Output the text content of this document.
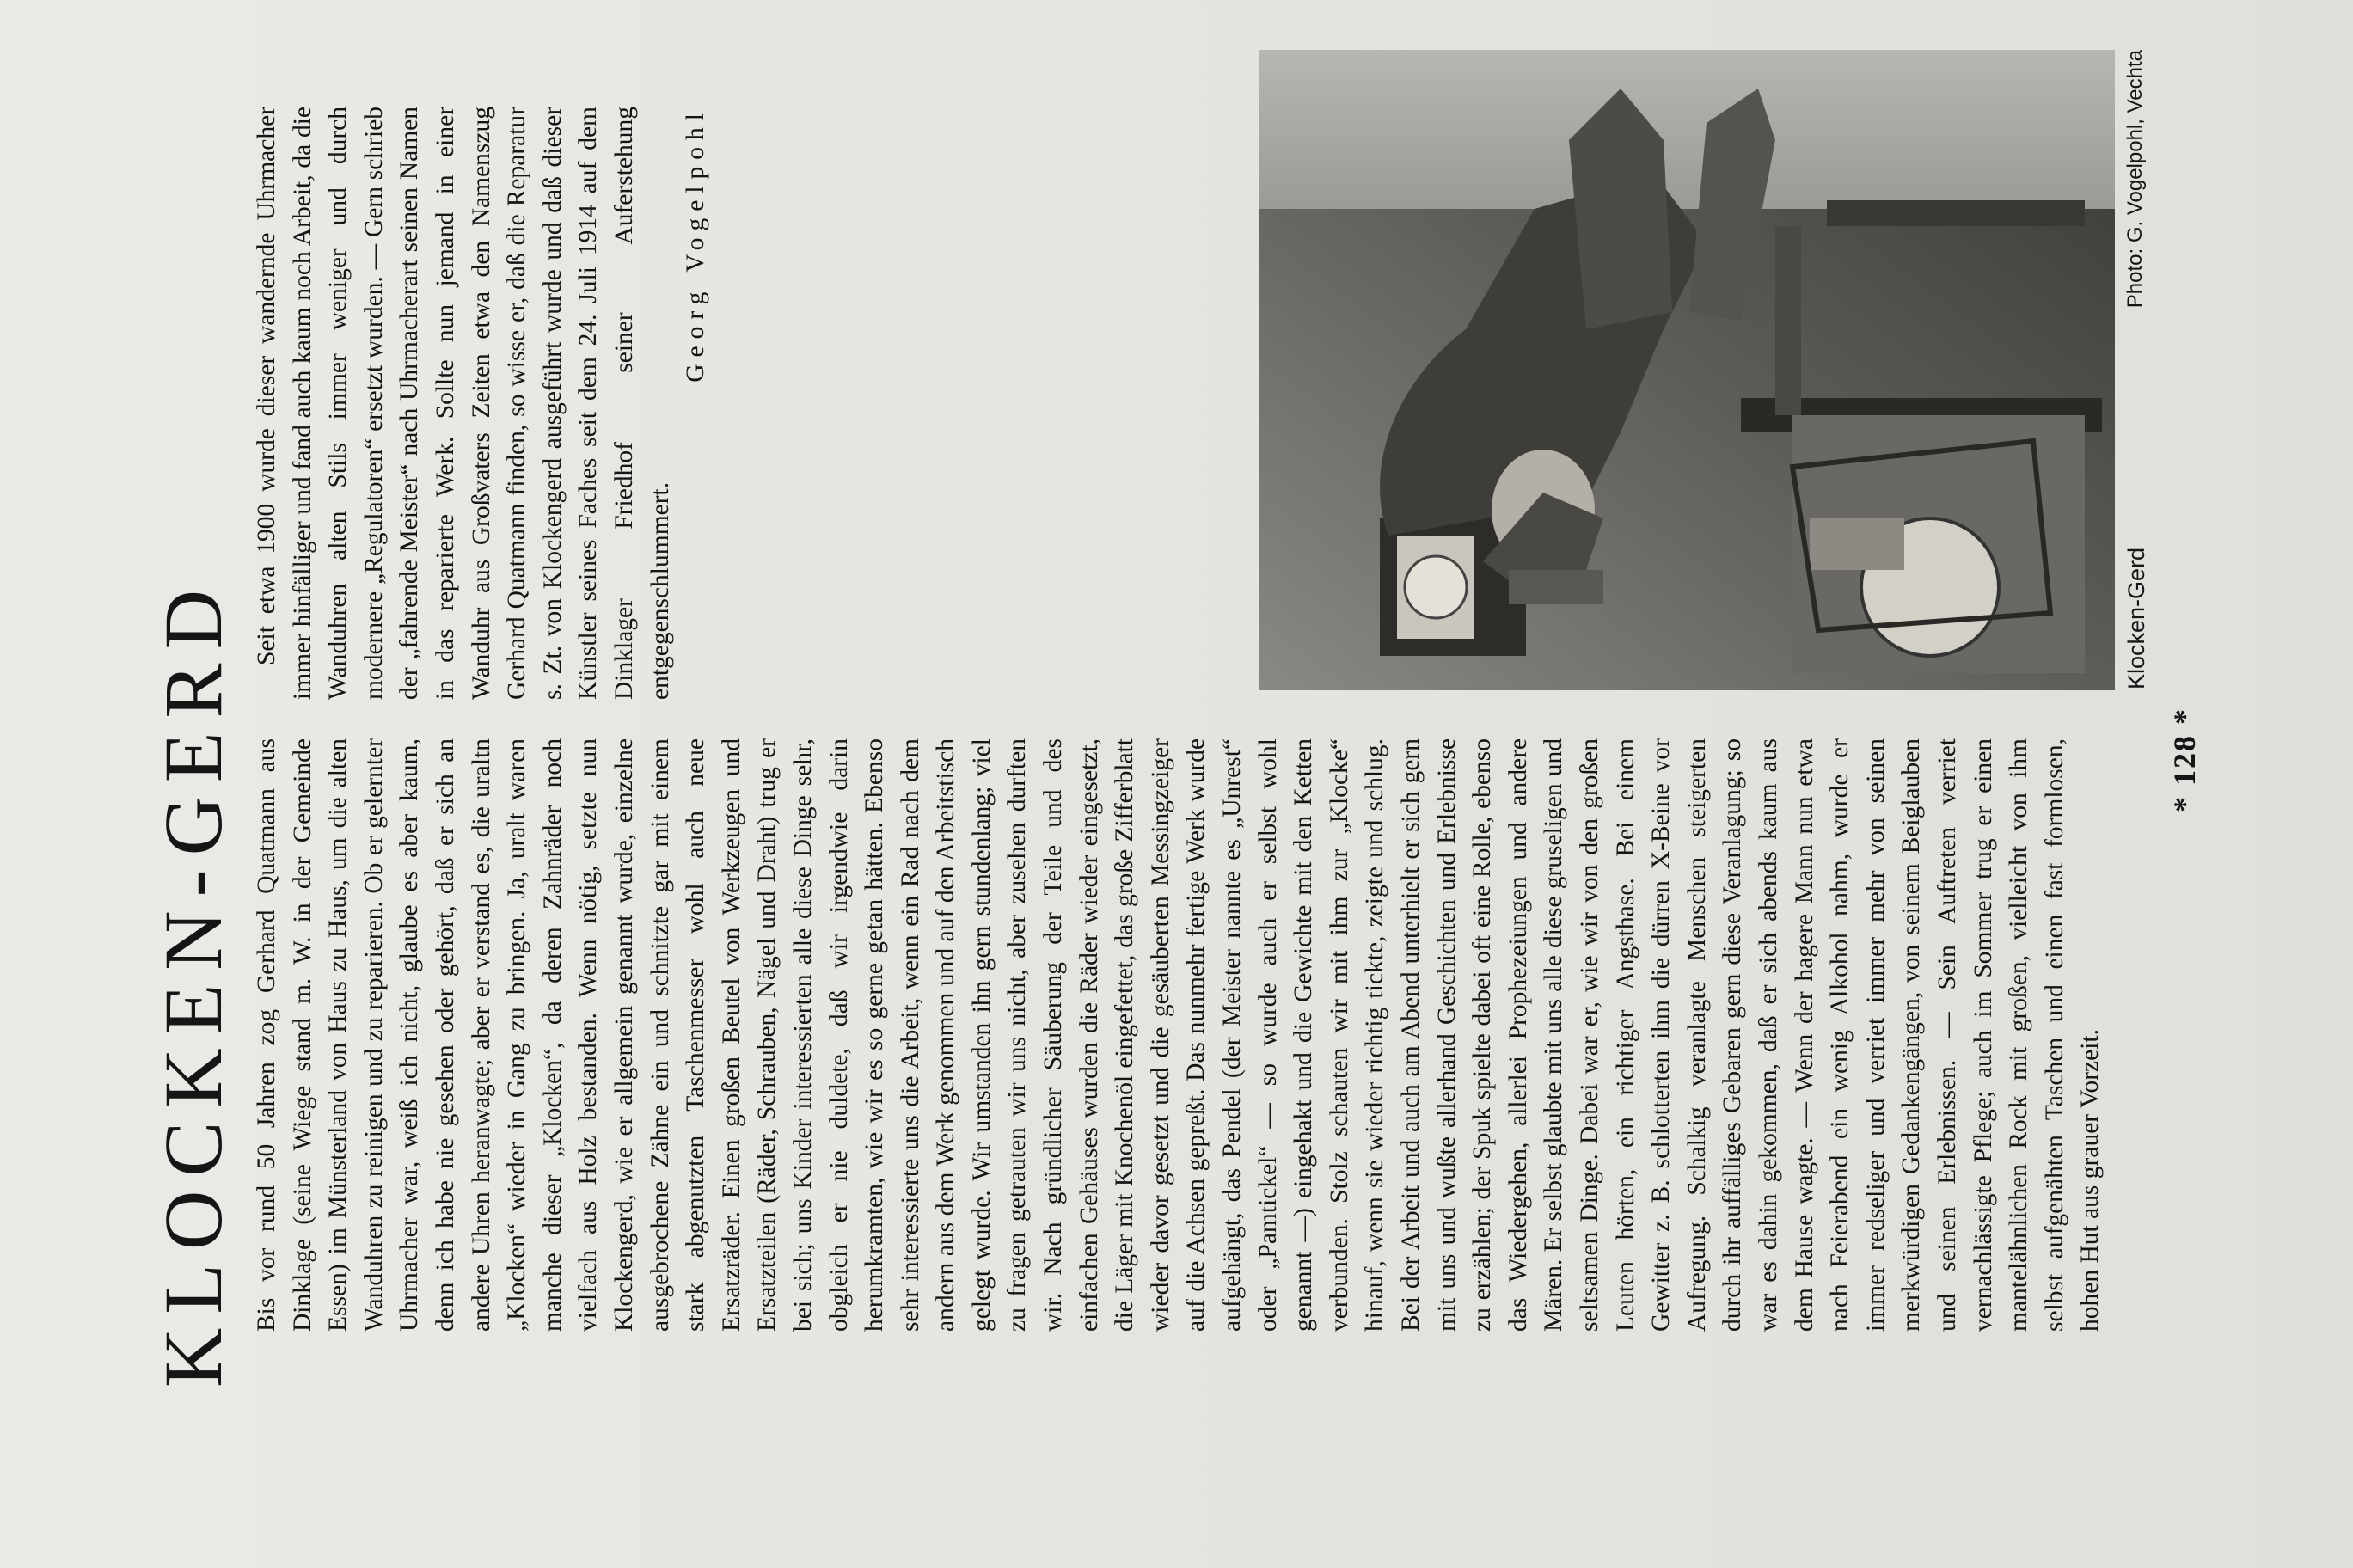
KLOCKEN-GERD Bis vor rund 50 Jahren zog Gerhard Quatmann aus Dinklage (seine Wiege stand m. W. in der Gemeinde Essen) im Münsterland von Haus zu Haus, um die alten Wanduhren zu reinigen und zu reparieren. Ob er gelernter Uhrmacher war, weiß ich nicht, glaube es aber kaum, denn ich habe nie gesehen oder gehört, daß er sich an andere Uhren heranwagte; aber er verstand es, die uraltn „Klocken“ wieder in Gang zu bringen. Ja, uralt waren manche dieser „Klocken“, da deren Zahnräder noch vielfach aus Holz bestanden. Wenn nötig, setzte nun Klockengerd, wie er allgemein genannt wurde, einzelne ausgebrochene Zähne ein und schnitzte gar mit einem stark abgenutzten Taschenmesser wohl auch neue Ersatzräder. Einen großen Beutel von Werkzeugen und Ersatzteilen (Räder, Schrauben, Nägel und Draht) trug er bei sich; uns Kinder interessierten alle diese Dinge sehr, obgleich er nie duldete, daß wir irgendwie darin herumkramten, wie wir es so gerne getan hätten. Ebenso sehr interessierte uns die Arbeit, wenn ein Rad nach dem andern aus dem Werk genommen und auf den Arbeitstisch gelegt wurde. Wir umstanden ihn gern stundenlang; viel zu fragen getrauten wir uns nicht, aber zusehen durften wir. Nach gründlicher Säuberung der Teile und des einfachen Gehäuses wurden die Räder wieder eingesetzt, die Läger mit Knochenöl eingefettet, das große Zifferblatt wieder davor gesetzt und die gesäuberten Messingzeiger auf die Achsen gepreßt. Das nunmehr fertige Werk wurde aufgehängt, das Pendel (der Meister nannte es „Unrest“ oder „Pamtickel“ — so wurde auch er selbst wohl genannt —) eingehakt und die Gewichte mit den Ketten verbunden. Stolz schauten wir mit ihm zur „Klocke“ hinauf, wenn sie wieder richtig tickte, zeigte und schlug. Bei der Arbeit und auch am Abend unterhielt er sich gern mit uns und wußte allerhand Geschichten und Erlebnisse zu erzählen; der Spuk spielte dabei oft eine Rolle, ebenso das Wiedergehen, allerlei Prophezeiungen und andere Mären. Er selbst glaubte mit uns alle diese gruseligen und seltsamen Dinge. Dabei war er, wie wir von den großen Leuten hörten, ein richtiger Angsthase. Bei einem Gewitter z. B. schlotterten ihm die dürren X-Beine vor Aufregung. Schalkig veranlagte Menschen steigerten durch ihr auffälliges Gebaren gern diese Veranlagung; so war es dahin gekommen, daß er sich abends kaum aus dem Hause wagte. — Wenn der hagere Mann nun etwa nach Feierabend ein wenig Alkohol nahm, wurde er immer redseliger und verriet immer mehr von seinen merkwürdigen Gedankengängen, von seinem Beiglauben und seinen Erlebnissen. — Sein Auftreten verriet vernachlässigte Pflege; auch im Sommer trug er einen mantelähnlichen Rock mit großen, vielleicht von ihm selbst aufgenähten Taschen und einen fast formlosen, hohen Hut aus grauer Vorzeit.

Seit etwa 1900 wurde dieser wandernde Uhrmacher immer hinfälliger und fand auch kaum noch Arbeit, da die Wanduhren alten Stils immer weniger und durch modernere „Regulatoren“ ersetzt wurden. — Gern schrieb der „fahrende Meister“ nach Uhrmacherart seinen Namen in das reparierte Werk. Sollte nun jemand in einer Wanduhr aus Großvaters Zeiten etwa den Namenszug Gerhard Quatmann finden, so wisse er, daß die Reparatur s. Zt. von Klockengerd ausgeführt wurde und daß dieser Künstler seines Faches seit dem 24. Juli 1914 auf dem Dinklager Friedhof seiner Auferstehung entgegenschlummert.

Georg Vogelpohl

Klocken-Gerd
Photo: G. Vogelpohl, Vechta
* 128 *
